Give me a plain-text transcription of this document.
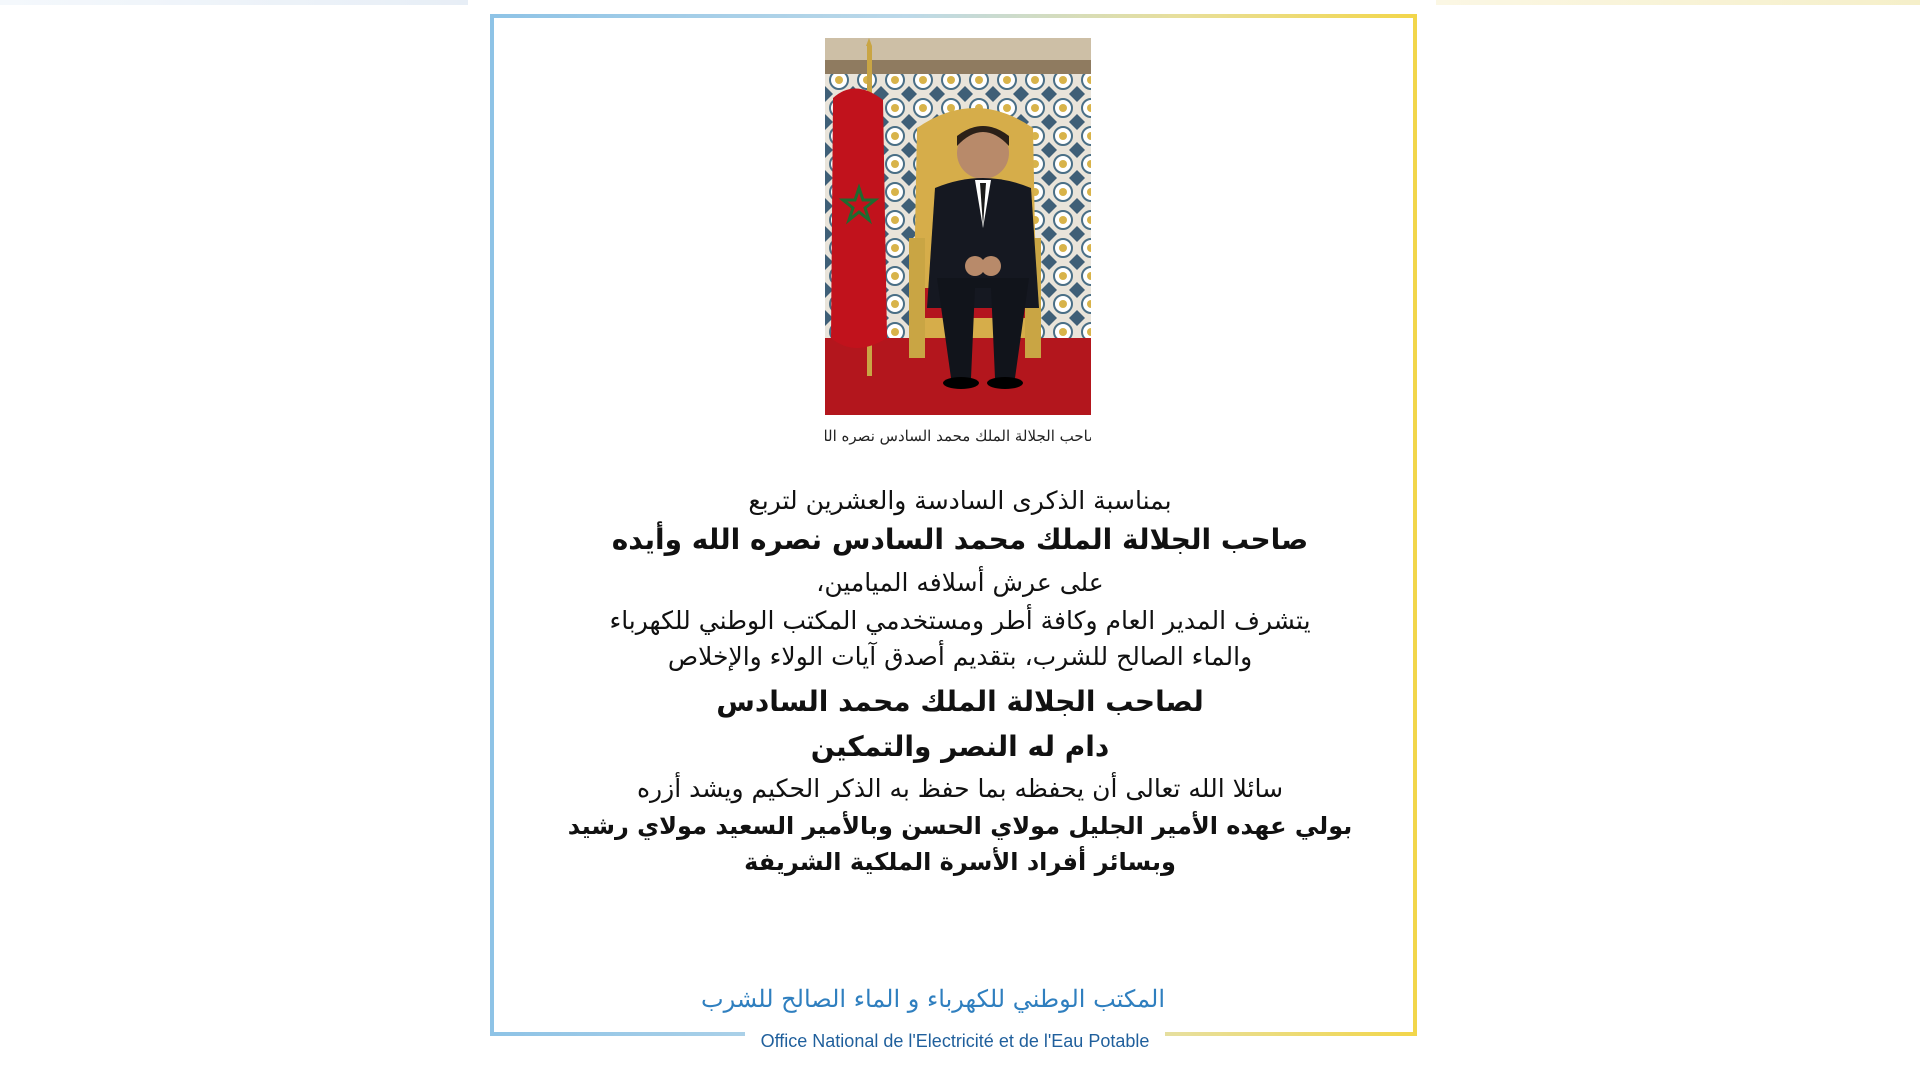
صاحب الجلالة الملك محمد السادس نصره الله
بمناسبة الذكرى السادسة والعشرين لتربع
صاحب الجلالة الملك محمد السادس نصره الله وأيده
على عرش أسلافه الميامين،
يتشرف المدير العام وكافة أطر ومستخدمي المكتب الوطني للكهرباء
والماء الصالح للشرب، بتقديم أصدق آيات الولاء والإخلاص
لصاحب الجلالة الملك محمد السادس
دام له النصر والتمكين
سائلا الله تعالى أن يحفظه بما حفظ به الذكر الحكيم ويشد أزره
بولي عهده الأمير الجليل مولاي الحسن وبالأمير السعيد مولاي رشيد
وبسائر أفراد الأسرة الملكية الشريفة
المكتب الوطني للكهرباء و الماء الصالح للشرب
Office National de l'Electricité et de l'Eau Potable
